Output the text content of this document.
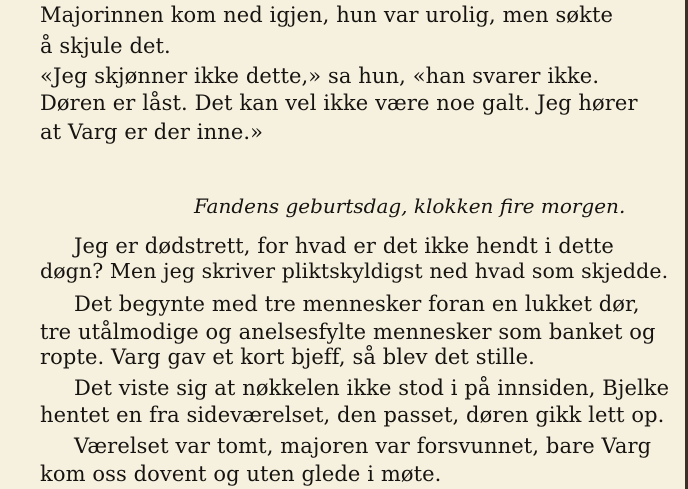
Majorinnen kom ned igjen, hun var urolig, men søkte
å skjule det.
«Jeg skjønner ikke dette,» sa hun, «han svarer ikke.
Døren er låst. Det kan vel ikke være noe galt. Jeg hører
at Varg er der inne.»
Fandens geburtsdag, klokken fire morgen.
Jeg er dødstrett, for hvad er det ikke hendt i dette
døgn? Men jeg skriver pliktskyldigst ned hvad som skjedde.
Det begynte med tre mennesker foran en lukket dør,
tre utålmodige og anelsesfylte mennesker som banket og
ropte. Varg gav et kort bjeff, så blev det stille.
Det viste sig at nøkkelen ikke stod i på innsiden, Bjelke
hentet en fra sideværelset, den passet, døren gikk lett op.
Værelset var tomt, majoren var forsvunnet, bare Varg
kom oss dovent og uten glede i møte.
